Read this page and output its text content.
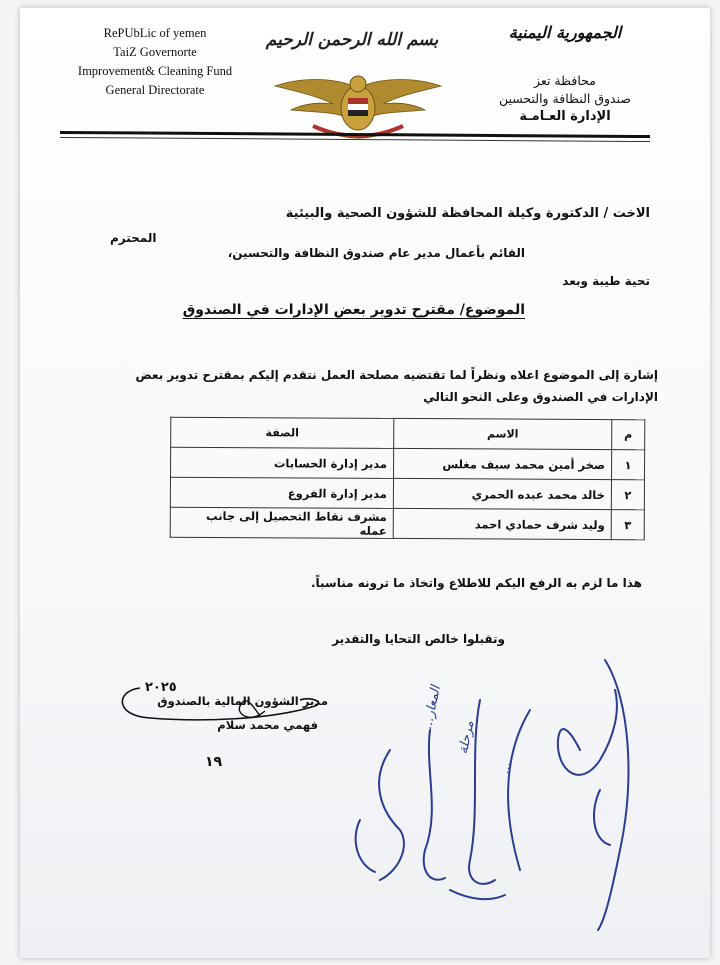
RePUbLic of yemen
TaiZ Governorte
Improvement& Cleaning Fund
General Directorate
بسم الله الرحمن الرحيم	الجمهورية اليمنية
محافظة تعز
صندوق النظافة والتحسين
الإدارة العـامـة
الاخت / الدكتورة وكيلة المحافظة للشؤون الصحية والبيئية
المحترم
القائم بأعمال مدير عام صندوق النظافة والتحسين،
تحية طيبة وبعد
الموضوع/ مقترح تدوير بعض الإدارات في الصندوق
إشارة إلى الموضوع اعلاه ونظراً لما تقتضيه مصلحة العمل نتقدم إليكم بمقترح تدوير بعض الإدارات في الصندوق وعلى النحو التالي
م	الاسم	الصفة
١	صخر أمين محمد سيف مغلس	مدير إدارة الحسابات
٢	خالد محمد عبده الحمري	مدير إدارة الفروع
٣	وليد شرف حمادي احمد	مشرف نقاط التحصيل إلى جانب عمله
هذا ما لزم به الرفع اليكم للاطلاع واتخاذ ما ترونه مناسباً.
وتقبلوا خالص التحايا والتقدير
٢٠٢٥
مدير الشؤون المالية بالصندوق
فهمي محمد سلام
١٩
المعار...
مرحلة
...
